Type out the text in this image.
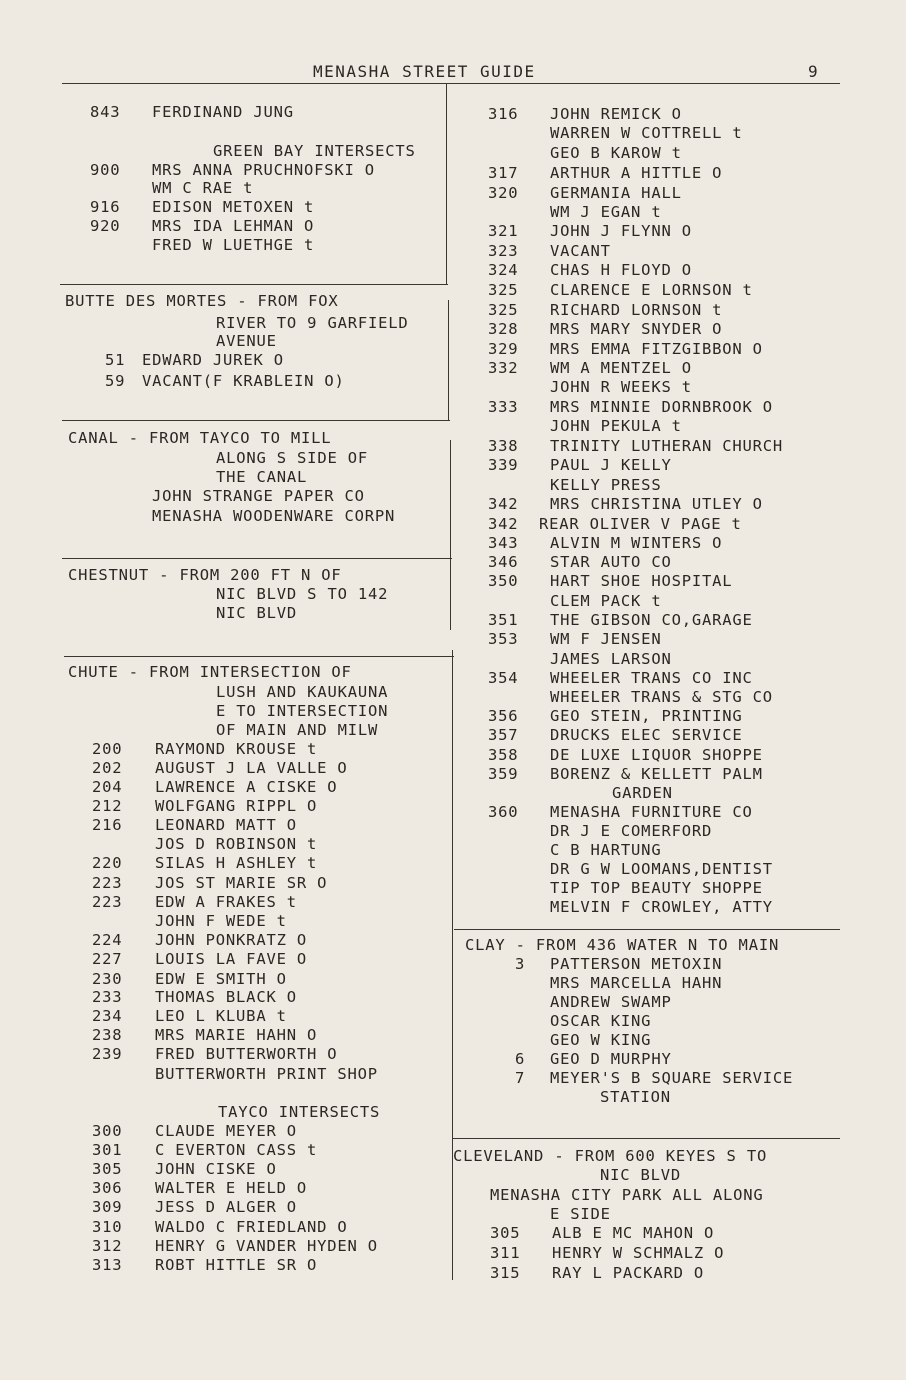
MENASHA STREET GUIDE	9
843 FERDINAND JUNG
GREEN BAY INTERSECTS
900 MRS ANNA PRUCHNOFSKI O
WM C RAE t
916 EDISON METOXEN t
920 MRS IDA LEHMAN O
FRED W LUETHGE t
BUTTE DES MORTES - FROM FOX
RIVER TO 9 GARFIELD
AVENUE
51 EDWARD JUREK O
59 VACANT(F KRABLEIN O)
CANAL - FROM TAYCO TO MILL
ALONG S SIDE OF
THE CANAL
JOHN STRANGE PAPER CO
MENASHA WOODENWARE CORPN
CHESTNUT - FROM 200 FT N OF
NIC BLVD S TO 142
NIC BLVD
CHUTE - FROM INTERSECTION OF
LUSH AND KAUKAUNA
E TO INTERSECTION
OF MAIN AND MILW
200 RAYMOND KROUSE t
202 AUGUST J LA VALLE O
204 LAWRENCE A CISKE O
212 WOLFGANG RIPPL O
216 LEONARD MATT O
JOS D ROBINSON t
220 SILAS H ASHLEY t
223 JOS ST MARIE SR O
223 EDW A FRAKES t
JOHN F WEDE t
224 JOHN PONKRATZ O
227 LOUIS LA FAVE O
230 EDW E SMITH O
233 THOMAS BLACK O
234 LEO L KLUBA t
238 MRS MARIE HAHN O
239 FRED BUTTERWORTH O
BUTTERWORTH PRINT SHOP
TAYCO INTERSECTS
300 CLAUDE MEYER O
301 C EVERTON CASS t
305 JOHN CISKE O
306 WALTER E HELD O
309 JESS D ALGER O
310 WALDO C FRIEDLAND O
312 HENRY G VANDER HYDEN O
313 ROBT HITTLE SR O
316 JOHN REMICK O
WARREN W COTTRELL t
GEO B KAROW t
317 ARTHUR A HITTLE O
320 GERMANIA HALL
WM J EGAN t
321 JOHN J FLYNN O
323 VACANT
324 CHAS H FLOYD O
325 CLARENCE E LORNSON t
325 RICHARD LORNSON t
328 MRS MARY SNYDER O
329 MRS EMMA FITZGIBBON O
332 WM A MENTZEL O
JOHN R WEEKS t
333 MRS MINNIE DORNBROOK O
JOHN PEKULA t
338 TRINITY LUTHERAN CHURCH
339 PAUL J KELLY
KELLY PRESS
342 MRS CHRISTINA UTLEY O
342 REAR OLIVER V PAGE t
343 ALVIN M WINTERS O
346 STAR AUTO CO
350 HART SHOE HOSPITAL
CLEM PACK t
351 THE GIBSON CO,GARAGE
353 WM F JENSEN
JAMES LARSON
354 WHEELER TRANS CO INC
WHEELER TRANS & STG CO
356 GEO STEIN, PRINTING
357 DRUCKS ELEC SERVICE
358 DE LUXE LIQUOR SHOPPE
359 BORENZ & KELLETT PALM
GARDEN
360 MENASHA FURNITURE CO
DR J E COMERFORD
C B HARTUNG
DR G W LOOMANS,DENTIST
TIP TOP BEAUTY SHOPPE
MELVIN F CROWLEY, ATTY
CLAY - FROM 436 WATER N TO MAIN
3 PATTERSON METOXIN
MRS MARCELLA HAHN
ANDREW SWAMP
OSCAR KING
GEO W KING
6 GEO D MURPHY
7 MEYER'S B SQUARE SERVICE
STATION
CLEVELAND - FROM 600 KEYES S TO
NIC BLVD
MENASHA CITY PARK ALL ALONG
E SIDE
305 ALB E MC MAHON O
311 HENRY W SCHMALZ O
315 RAY L PACKARD O
